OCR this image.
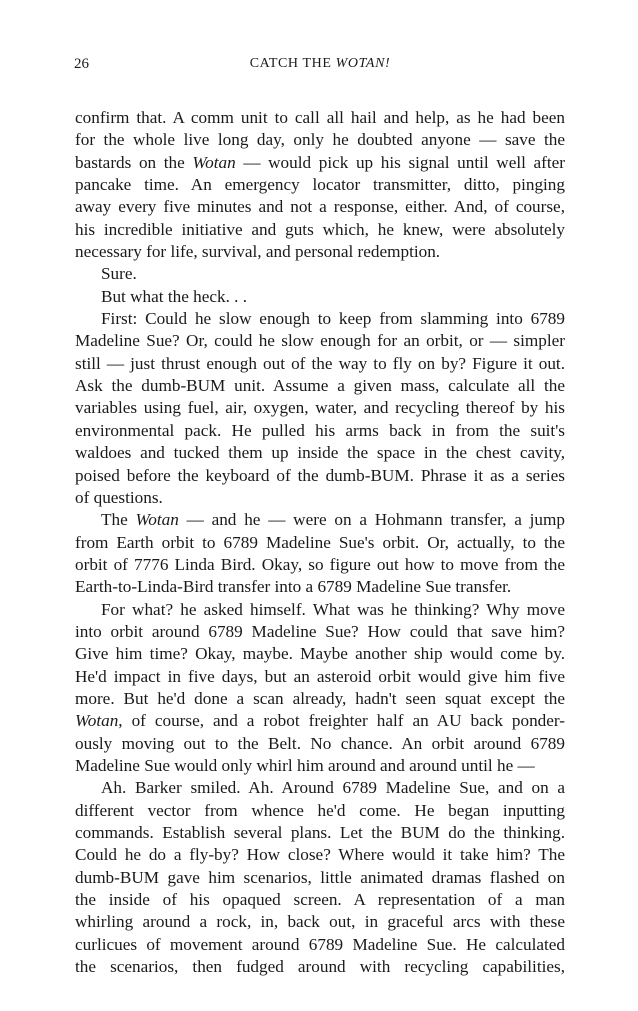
26	CATCH THE WOTAN!
confirm that. A comm unit to call all hail and help, as he had been
for the whole live long day, only he doubted anyone — save the
bastards on the Wotan — would pick up his signal until well after
pancake time. An emergency locator transmitter, ditto, pinging
away every five minutes and not a response, either. And, of course,
his incredible initiative and guts which, he knew, were absolutely
necessary for life, survival, and personal redemption.
Sure.
But what the heck. . .
First: Could he slow enough to keep from slamming into 6789
Madeline Sue? Or, could he slow enough for an orbit, or — simpler
still — just thrust enough out of the way to fly on by? Figure it out.
Ask the dumb-BUM unit. Assume a given mass, calculate all the
variables using fuel, air, oxygen, water, and recycling thereof by his
environmental pack. He pulled his arms back in from the suit's
waldoes and tucked them up inside the space in the chest cavity,
poised before the keyboard of the dumb-BUM. Phrase it as a series
of questions.
The Wotan — and he — were on a Hohmann transfer, a jump
from Earth orbit to 6789 Madeline Sue's orbit. Or, actually, to the
orbit of 7776 Linda Bird. Okay, so figure out how to move from the
Earth-to-Linda-Bird transfer into a 6789 Madeline Sue transfer.
For what? he asked himself. What was he thinking? Why move
into orbit around 6789 Madeline Sue? How could that save him?
Give him time? Okay, maybe. Maybe another ship would come by.
He'd impact in five days, but an asteroid orbit would give him five
more. But he'd done a scan already, hadn't seen squat except the
Wotan, of course, and a robot freighter half an AU back ponder-
ously moving out to the Belt. No chance. An orbit around 6789
Madeline Sue would only whirl him around and around until he —
Ah. Barker smiled. Ah. Around 6789 Madeline Sue, and on a
different vector from whence he'd come. He began inputting
commands. Establish several plans. Let the BUM do the thinking.
Could he do a fly-by? How close? Where would it take him? The
dumb-BUM gave him scenarios, little animated dramas flashed on
the inside of his opaqued screen. A representation of a man
whirling around a rock, in, back out, in graceful arcs with these
curlicues of movement around 6789 Madeline Sue. He calculated
the scenarios, then fudged around with recycling capabilities,
